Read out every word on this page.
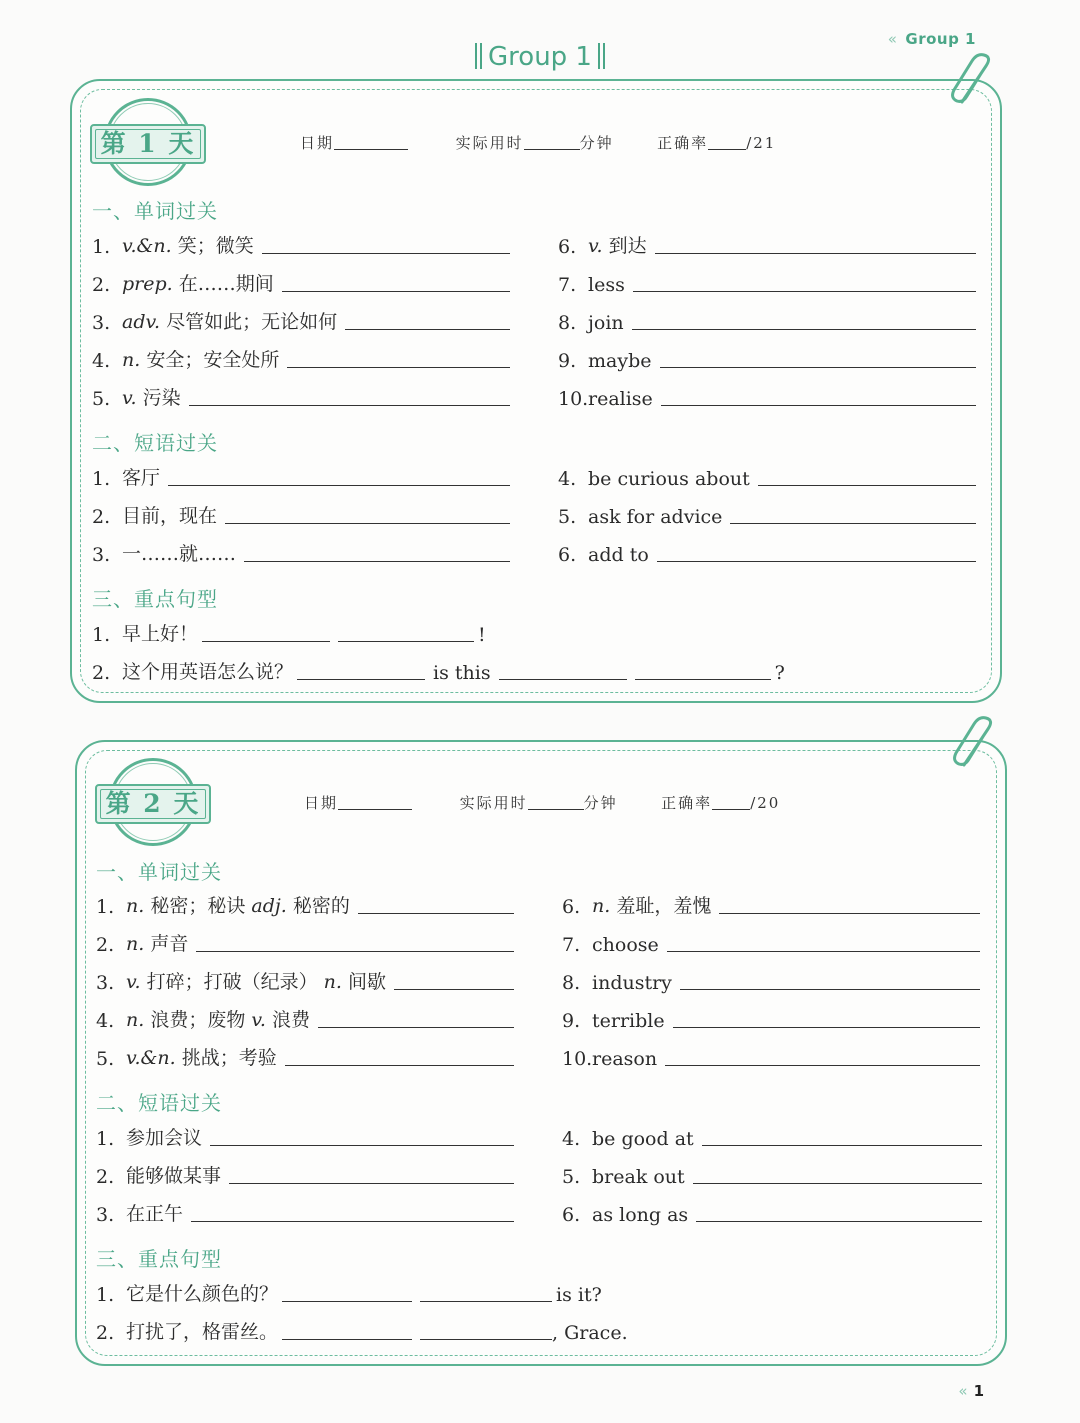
« Group 1
Group 1
第 1 天	日期	实际用时	分钟	正确率	/21
一、单词过关
1. v.&n. 笑；微笑
2. prep. 在……期间
3. adv. 尽管如此；无论如何
4. n. 安全；安全处所
5. v. 污染
6. v. 到达
7. less
8. join
9. maybe
10. realise
二、短语过关
1. 客厅
2. 目前，现在
3. 一……就……
4. be curious about
5. ask for advice
6. add to
三、重点句型
1. 早上好！	!
2. 这个用英语怎么说？	is this	?
第 2 天	日期	实际用时	分钟	正确率	/20
一、单词过关
1. n. 秘密；秘诀 adj. 秘密的
2. n. 声音
3. v. 打碎；打破（纪录） n. 间歇
4. n. 浪费；废物 v. 浪费
5. v.&n. 挑战；考验
6. n. 羞耻，羞愧
7. choose
8. industry
9. terrible
10. reason
二、短语过关
1. 参加会议
2. 能够做某事
3. 在正午
4. be good at
5. break out
6. as long as
三、重点句型
1. 它是什么颜色的？	is it?
2. 打扰了，格雷丝。	, Grace.
« 1
